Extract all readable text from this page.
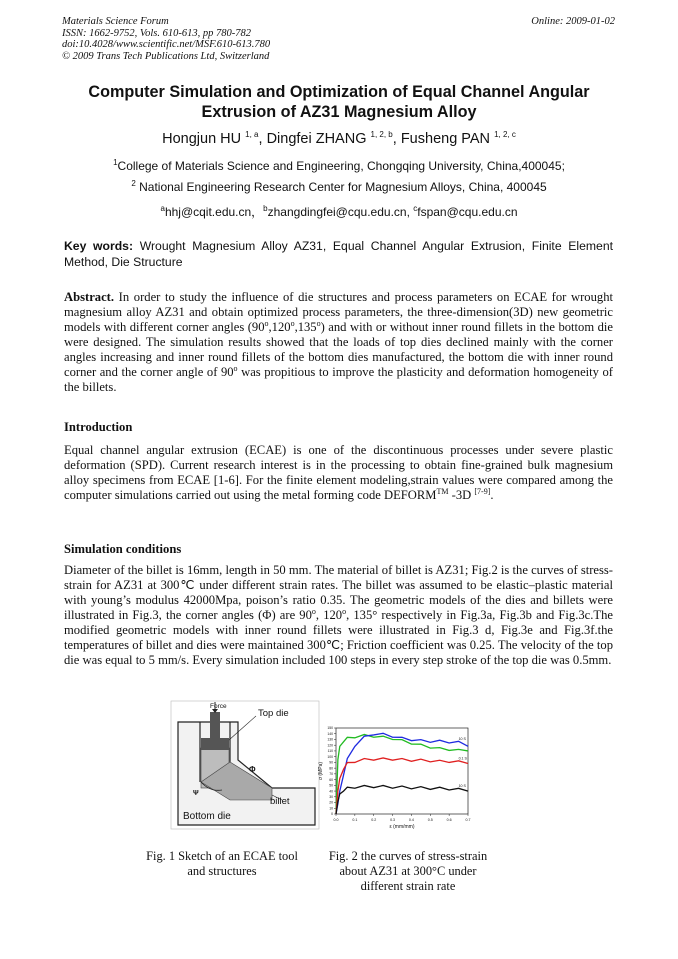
Materials Science Forum
ISSN: 1662-9752, Vols. 610-613, pp 780-782
doi:10.4028/www.scientific.net/MSF.610-613.780
© 2009 Trans Tech Publications Ltd, Switzerland
Online: 2009-01-02
Computer Simulation and Optimization of Equal Channel Angular Extrusion of AZ31 Magnesium Alloy
Hongjun HU $^{1, a}$, Dingfei ZHANG $^{1, 2, b}$, Fusheng PAN $^{1, 2, c}$
$^1$College of Materials Science and Engineering, Chongqing University, China,400045;
$^2$ National Engineering Research Center for Magnesium Alloys, China, 400045
$^a$hhj@cqit.edu.cn，$^b$zhangdingfei@cqu.edu.cn, $^c$fspan@cqu.edu.cn
Key words: Wrought Magnesium Alloy AZ31, Equal Channel Angular Extrusion, Finite Element Method, Die Structure
Abstract. In order to study the influence of die structures and process parameters on ECAE for wrought magnesium alloy AZ31 and obtain optimized process parameters, the three-dimension(3D) new geometric models with different corner angles (90$^o$,120$^o$,135$^o$) and with or without inner round fillets in the bottom die were designed. The simulation results showed that the loads of top dies declined mainly with the corner angles increasing and inner round fillets of the bottom dies manufactured, the bottom die with inner round corner and the corner angle of 90$^o$ was propitious to improve the plasticity and deformation homogeneity of the billets.
Introduction
Equal channel angular extrusion (ECAE) is one of the discontinuous processes under severe plastic deformation (SPD). Current research interest is in the processing to obtain fine-grained bulk magnesium alloy specimens from ECAE [1-6]. For the finite element modeling,strain values were compared among the computer simulations carried out using the metal forming code DEFORM™ -3D [7-9].
Simulation conditions
Diameter of the billet is 16mm, length in 50 mm. The material of billet is AZ31; Fig.2 is the curves of stress-strain for AZ31 at 300℃ under different strain rates. The billet was assumed to be elastic–plastic material with young’s modulus 42000Mpa, poison’s ratio 0.35. The geometric models of the dies and billets were illustrated in Fig.3, the corner angles (Φ) are 90$^o$, 120$^o$, 135° respectively in Fig.3a, Fig.3b and Fig.3c.The modified geometric models with inner round fillets were illustrated in Fig.3 d, Fig.3e and Fig.3f.the temperatures of billet and dies were maintained 300℃; Friction coefficient was 0.25. The velocity of the top die was equal to 5 mm/s. Every simulation included 100 steps in every step stroke of the top die was 0.5mm.
Force
Top die
Φ
Ψ
billet
Bottom die	0.0	0.1	0.2	0.3	0.4	0.5	0.6	0.7
0
10
20
30
40
50
60
70
80
90
100
110
120
130
140
150
ε (mm/mm)
σ (MPa)
10 S
0.1 S
10 S
Fig. 1 Sketch of an ECAE tool
and structures
Fig. 2 the curves of stress-strain
about AZ31 at 300°C under
different strain rate
